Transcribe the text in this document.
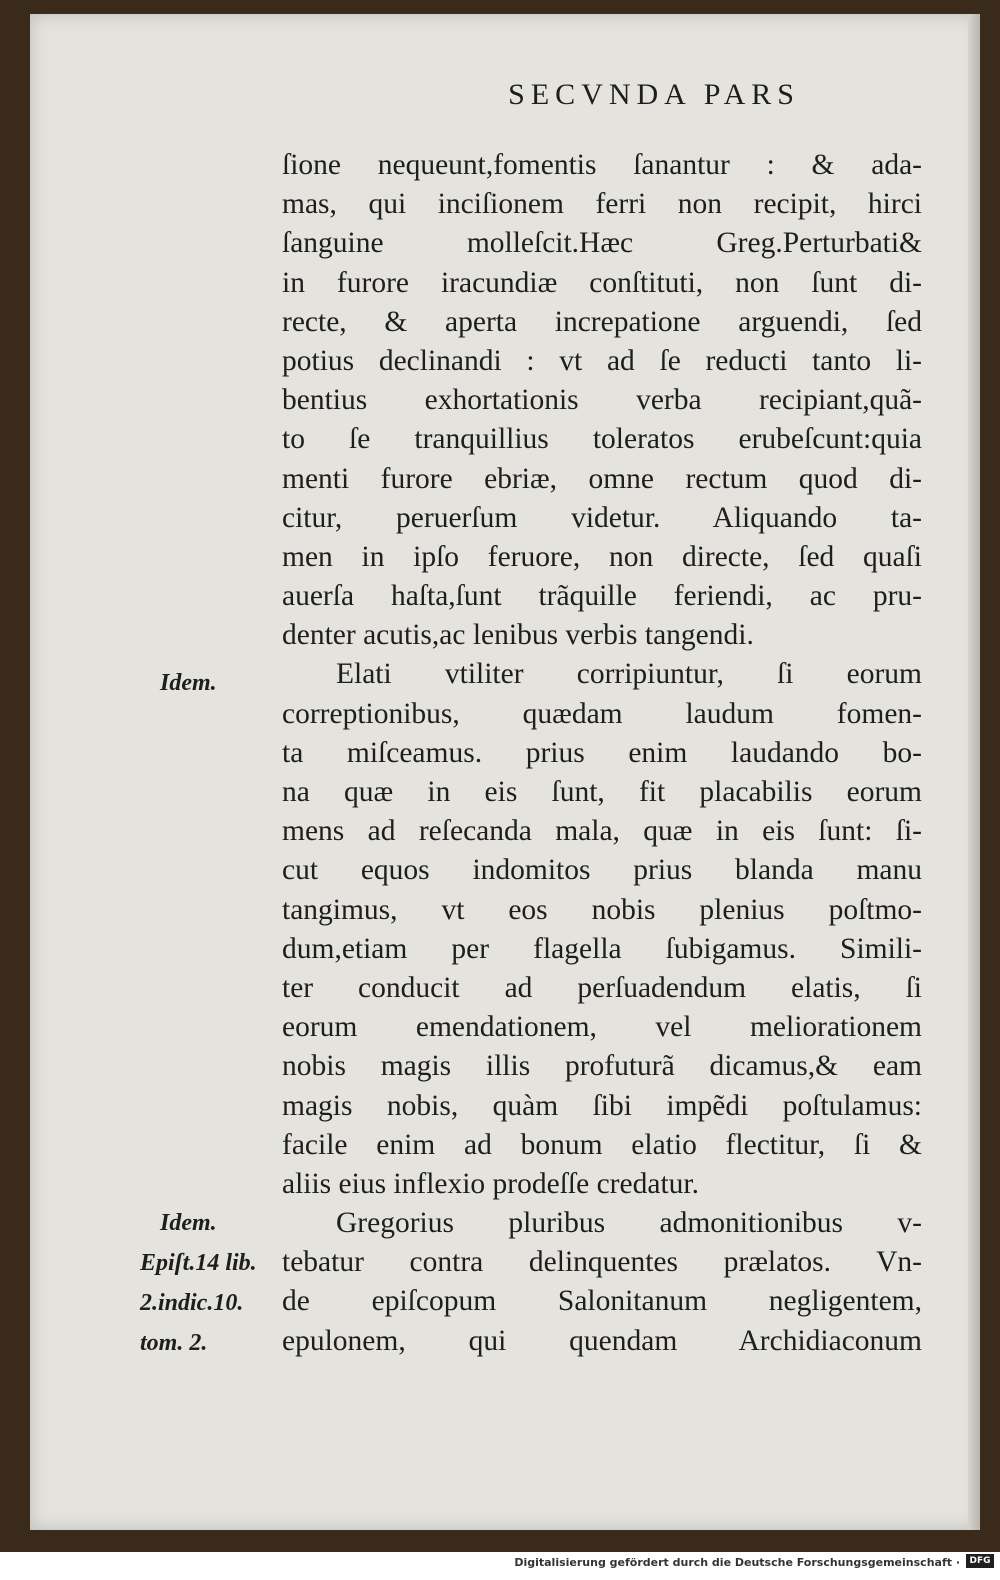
SECVNDA PARS
ſione nequeunt,fomentis ſanantur : & ada-
mas, qui inciſionem ferri non recipit, hirci
ſanguine molleſcit.Hæc Greg.Perturbati&
in furore iracundiæ conſtituti, non ſunt di-
recte, & aperta increpatione arguendi, ſed
potius declinandi : vt ad ſe reducti tanto li-
bentius exhortationis verba recipiant,quã-
to ſe tranquillius toleratos erubeſcunt:quia
menti furore ebriæ, omne rectum quod di-
citur, peruerſum videtur. Aliquando ta-
men in ipſo feruore, non directe, ſed quaſi
auerſa haſta,ſunt trãquille feriendi, ac pru-
denter acutis,ac lenibus verbis tangendi.
Elati vtiliter corripiuntur, ſi eorum
correptionibus, quædam laudum fomen-
ta miſceamus. prius enim laudando bo-
na quæ in eis ſunt, fit placabilis eorum
mens ad reſecanda mala, quæ in eis ſunt: ſi-
cut equos indomitos prius blanda manu
tangimus, vt eos nobis plenius poſtmo-
dum,etiam per flagella ſubigamus. Simili-
ter conducit ad perſuadendum elatis, ſi
eorum emendationem, vel meliorationem
nobis magis illis profuturã dicamus,& eam
magis nobis, quàm ſibi impẽdi poſtulamus:
facile enim ad bonum elatio flectitur, ſi &
aliis eius inflexio prodeſſe credatur.
Gregorius pluribus admonitionibus v-
tebatur contra delinquentes prælatos. Vn-
de epiſcopum Salonitanum negligentem,
epulonem, qui quendam Archidiaconum
Idem.
Idem.
Epiſt.14 lib.
2.indic.10.
tom. 2.
Digitalisierung gefördert durch die Deutsche Forschungsgemeinschaft ·	DFG
